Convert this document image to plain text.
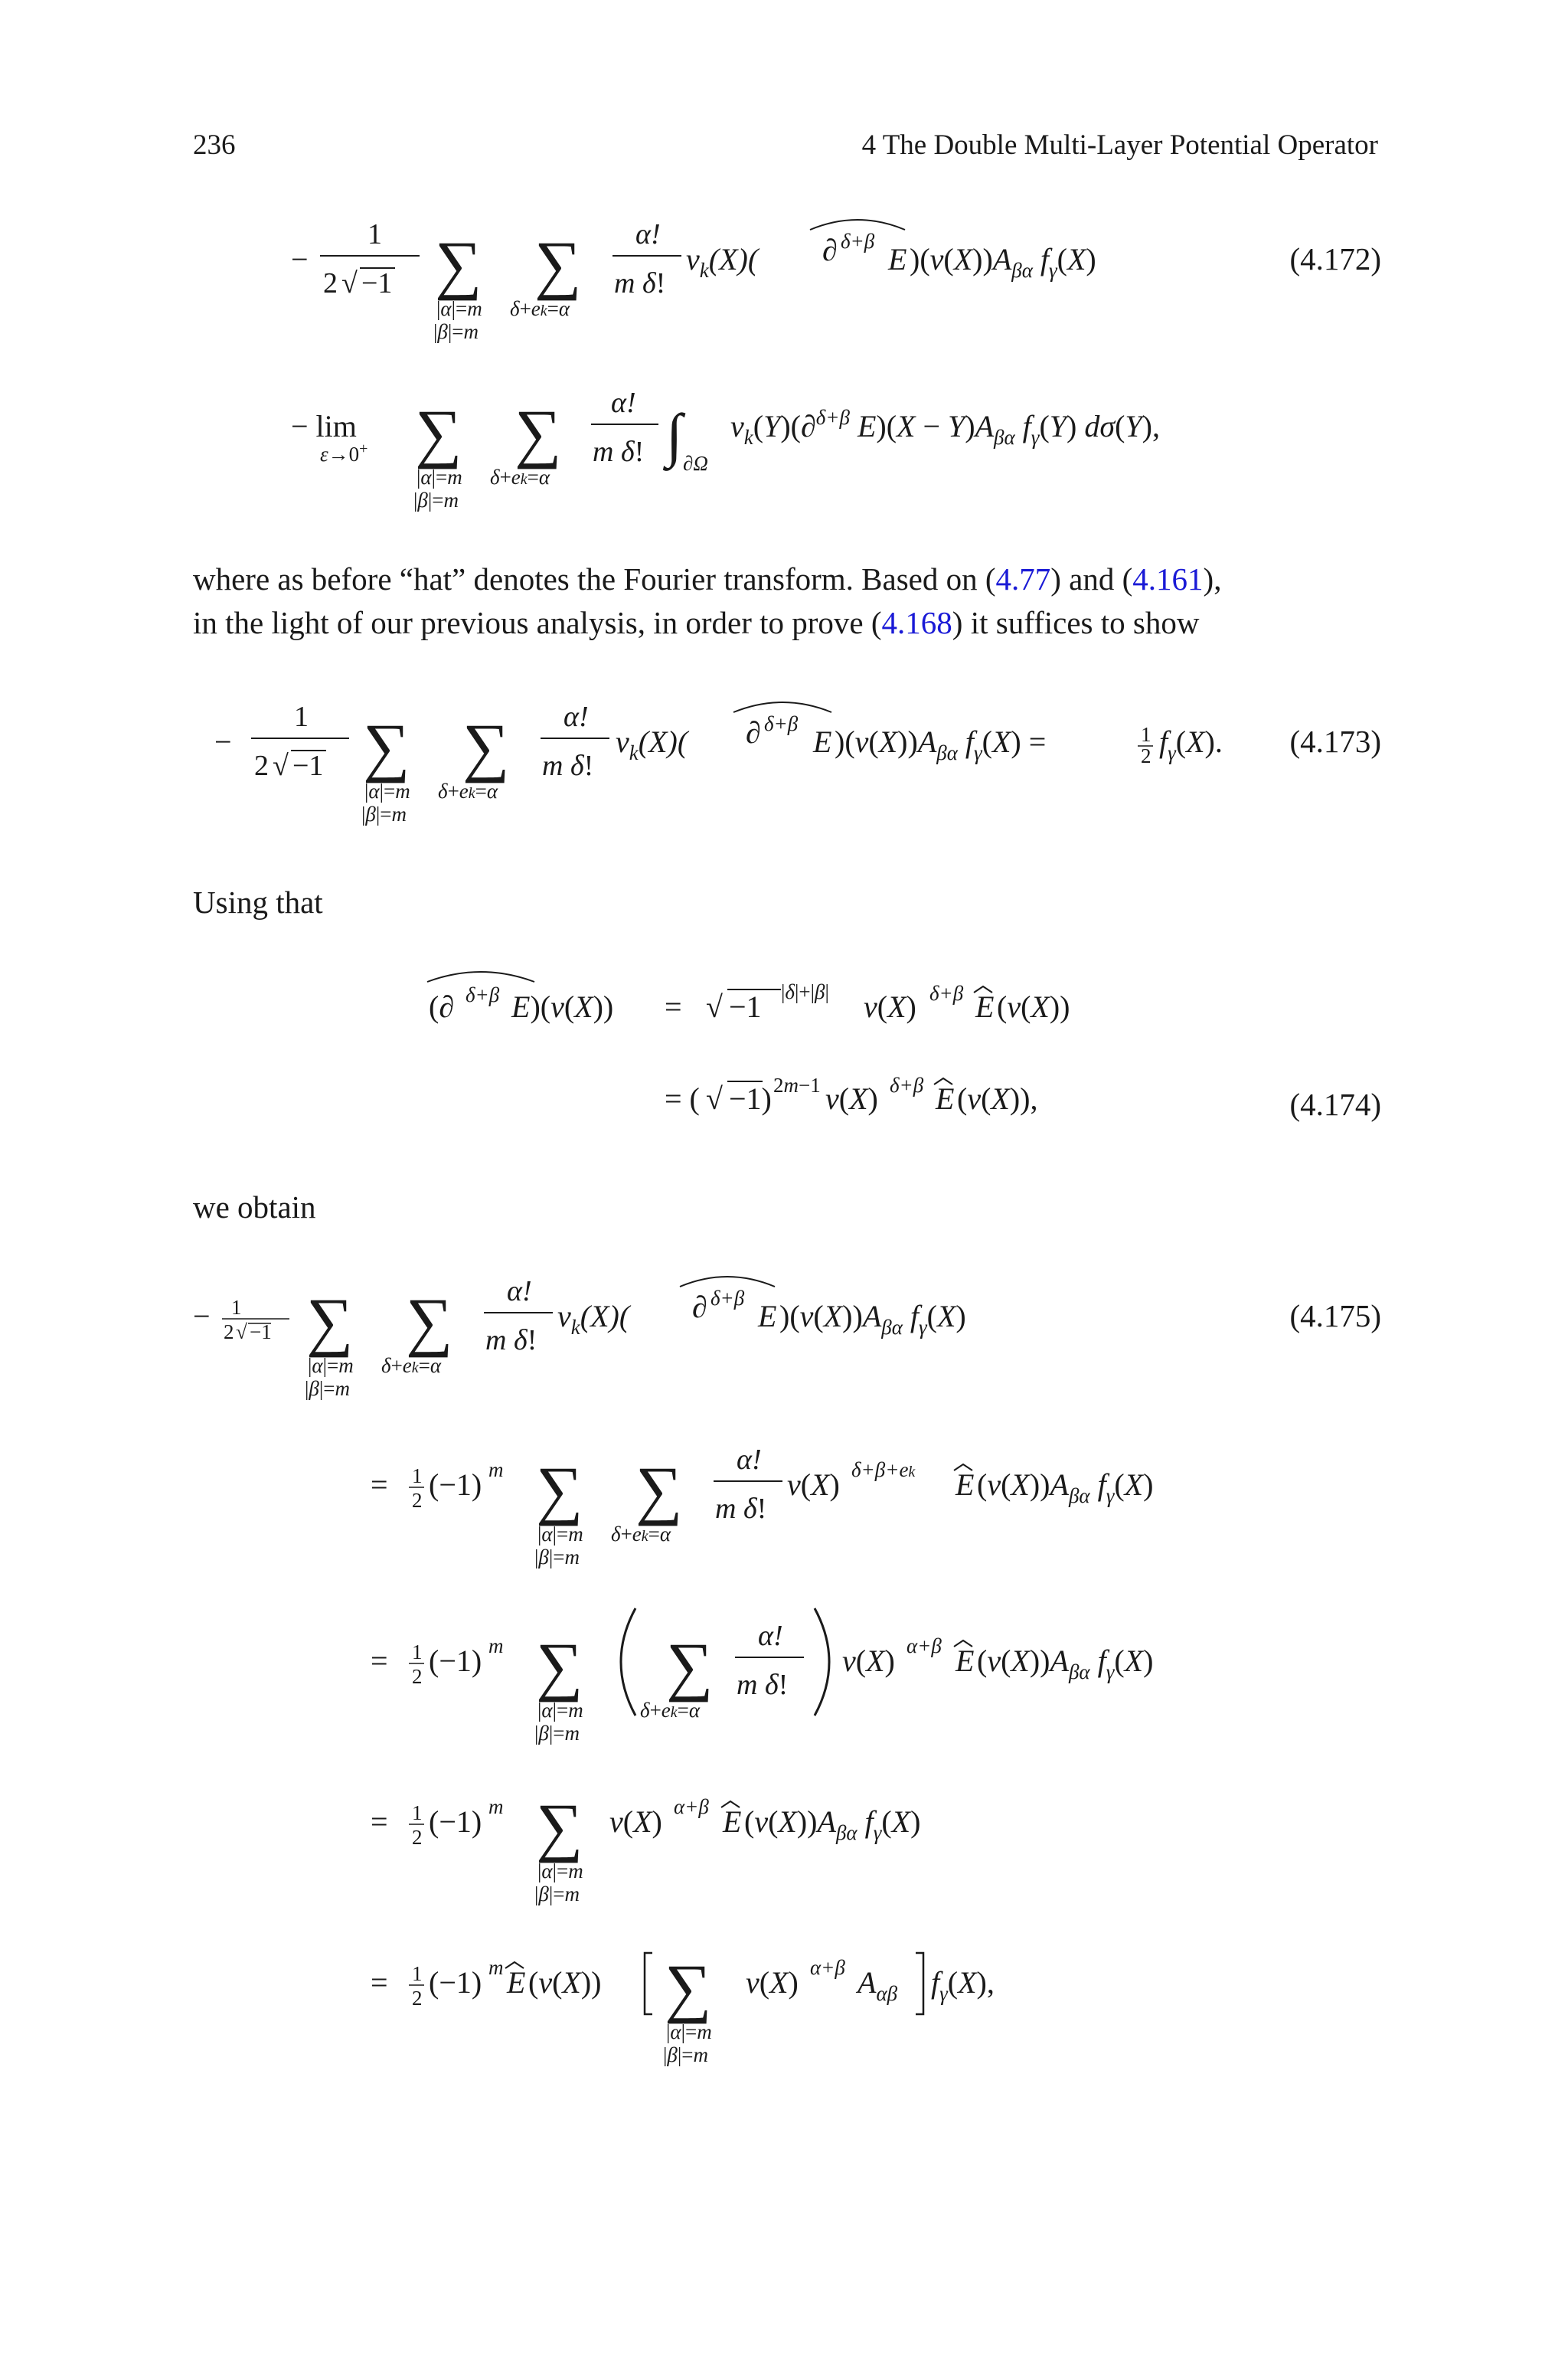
236	4 The Double Multi-Layer Potential Operator
−
1
2 √ −1 ∑
|α|=m
|β|=m
∑
δ+ek=α
α!
m δ!
$\nu_k(X)$( ∂ δ+β
E )$(\nu(X))A_{\beta\alpha}$ $f_\gamma(X)$	(4.172)
− lim
ε→0+ ∑
|α|=m
|β|=m
∑
δ+ek=α
α!
m δ! ∫ ∂Ω
$\nu_k(Y)(\partial^{\delta+\beta}$ $E)(X - Y)A_{\beta\alpha}$ $f_\gamma(Y)$ dσ(Y),
where as before “hat” denotes the Fourier transform. Based on (4.77) and (4.161),
in the light of our previous analysis, in order to prove (4.168) it suffices to show
−
1
2 √ −1 ∑
|α|=m
|β|=m
∑
δ+ek=α
α!
m δ!
$\nu_k(X)$( ∂ δ+β
E )$(\nu(X))A_{\beta\alpha}$ $f_\gamma(X)$ =	1
2 $f_\gamma(X)$. (4.173)
Using that
(∂ δ+β E)(ν(X)) = √ −1 |δ|+|β| ν(X) δ+β E (ν(X))
= ( √ −1) 2m−1 ν(X) δ+β E (ν(X)),	(4.174)
we obtain
− 1
2 √ −1 ∑
|α|=m
|β|=m
∑
δ+ek=α
α!
m δ!
$\nu_k(X)$( ∂ δ+β
E )$(\nu(X))A_{\beta\alpha}$ $f_\gamma(X)$	(4.175)
= 1
2 (−1) m ∑
|α|=m
|β|=m
∑
δ+ek=α
α!
m δ!
ν(X) δ+β+ek E $(\nu(X))A_{\beta\alpha}$ $f_\gamma(X)$
= 1
2 (−1) m ∑
|α|=m
|β|=m
∑
δ+ek=α
α!
m δ!
ν(X) α+β E $(\nu(X))A_{\beta\alpha}$ $f_\gamma(X)$
= 1
2 (−1) m ∑
|α|=m
|β|=m
ν(X) α+β E $(\nu(X))A_{\beta\alpha}$ $f_\gamma(X)$
= 1
2 (−1) m E (ν(X)) ∑
|α|=m
|β|=m
ν(X) α+β $A_{\alpha\beta}$ $f_\gamma(X)$,
